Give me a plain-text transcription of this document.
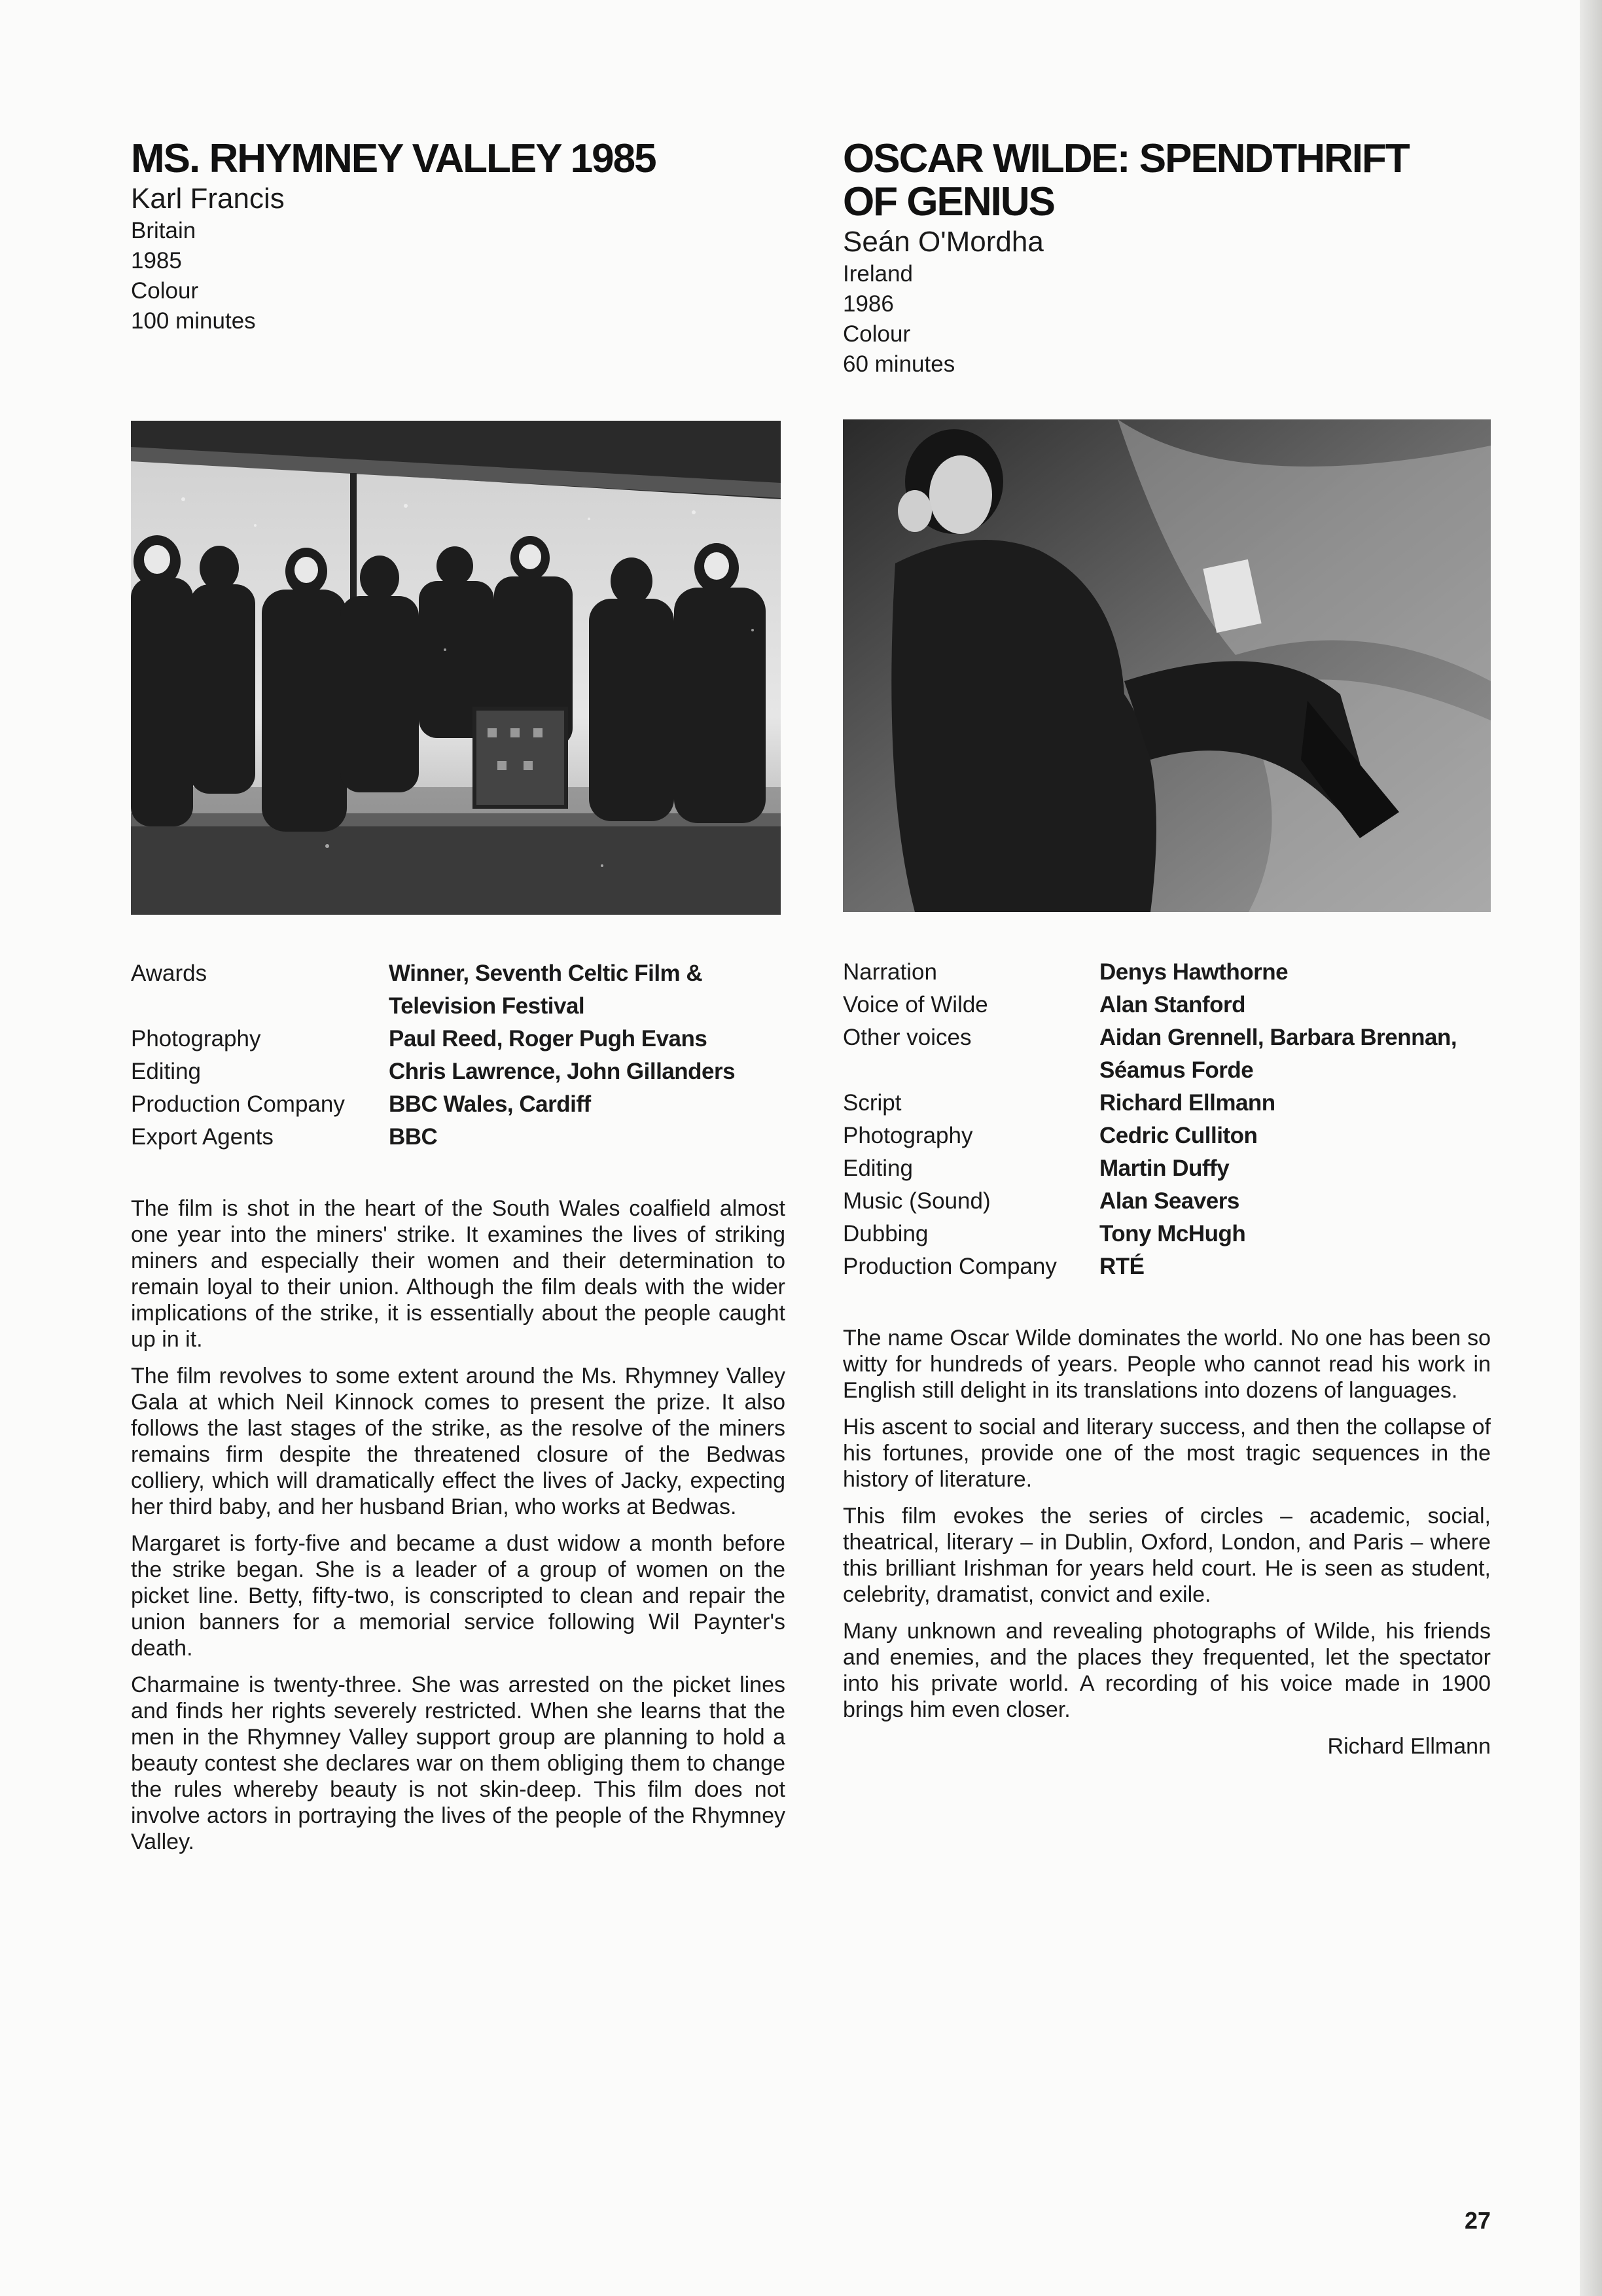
MS. RHYMNEY VALLEY 1985
Karl Francis
Britain
1985
Colour
100 minutes
OSCAR WILDE: SPENDTHRIFT
OF GENIUS
Seán O'Mordha
Ireland
1986
Colour
60 minutes
Awards	Winner, Seventh Celtic Film & Television Festival
Photography	Paul Reed, Roger Pugh Evans
Editing	Chris Lawrence, John Gillanders
Production Company	BBC Wales, Cardiff
Export Agents	BBC
Narration	Denys Hawthorne
Voice of Wilde	Alan Stanford
Other voices	Aidan Grennell, Barbara Brennan, Séamus Forde
Script	Richard Ellmann
Photography	Cedric Culliton
Editing	Martin Duffy
Music (Sound)	Alan Seavers
Dubbing	Tony McHugh
Production Company	RTÉ

The film is shot in the heart of the South Wales coalfield almost one year into the miners' strike. It examines the lives of striking miners and especially their women and their determination to remain loyal to their union. Although the film deals with the wider implications of the strike, it is essentially about the people caught up in it.

The film revolves to some extent around the Ms. Rhymney Valley Gala at which Neil Kinnock comes to present the prize. It also follows the last stages of the strike, as the resolve of the miners remains firm despite the threatened closure of the Bedwas colliery, which will dramatically effect the lives of Jacky, expecting her third baby, and her husband Brian, who works at Bedwas.

Margaret is forty-five and became a dust widow a month before the strike began. She is a leader of a group of women on the picket line. Betty, fifty-two, is conscripted to clean and repair the union banners for a memorial service following Wil Paynter's death.

Charmaine is twenty-three. She was arrested on the picket lines and finds her rights severely restricted. When she learns that the men in the Rhymney Valley support group are planning to hold a beauty contest she declares war on them obliging them to change the rules whereby beauty is not skin-deep. This film does not involve actors in portraying the lives of the people of the Rhymney Valley.

The name Oscar Wilde dominates the world. No one has been so witty for hundreds of years. People who cannot read his work in English still delight in its translations into dozens of languages.

His ascent to social and literary success, and then the collapse of his fortunes, provide one of the most tragic sequences in the history of literature.

This film evokes the series of circles – academic, social, theatrical, literary – in Dublin, Oxford, London, and Paris – where this brilliant Irishman for years held court. He is seen as student, celebrity, dramatist, convict and exile.

Many unknown and revealing photographs of Wilde, his friends and enemies, and the places they frequented, let the spectator into his private world. A recording of his voice made in 1900 brings him even closer.

Richard Ellmann
27
